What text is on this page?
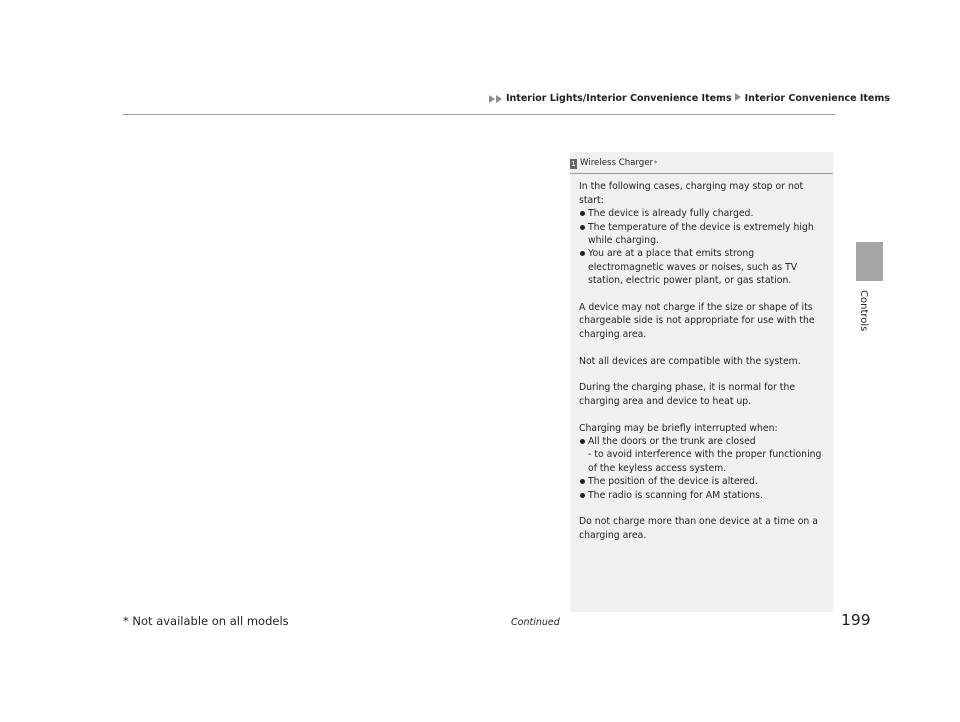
Interior Lights/Interior Convenience Items Interior Convenience Items
Controls
1 Wireless Charger *

In the following cases, charging may stop or not start:

The device is already fully charged.

The temperature of the device is extremely high while charging.

You are at a place that emits strong electromagnetic waves or noises, such as TV station, electric power plant, or gas station.

A device may not charge if the size or shape of its chargeable side is not appropriate for use with the charging area.

Not all devices are compatible with the system.

During the charging phase, it is normal for the charging area and device to heat up.

Charging may be briefly interrupted when:

All the doors or the trunk are closed

- to avoid interference with the proper functioning of the keyless access system.

The position of the device is altered.

The radio is scanning for AM stations.

Do not charge more than one device at a time on a charging area.

* Not available on all models	Continued	199
